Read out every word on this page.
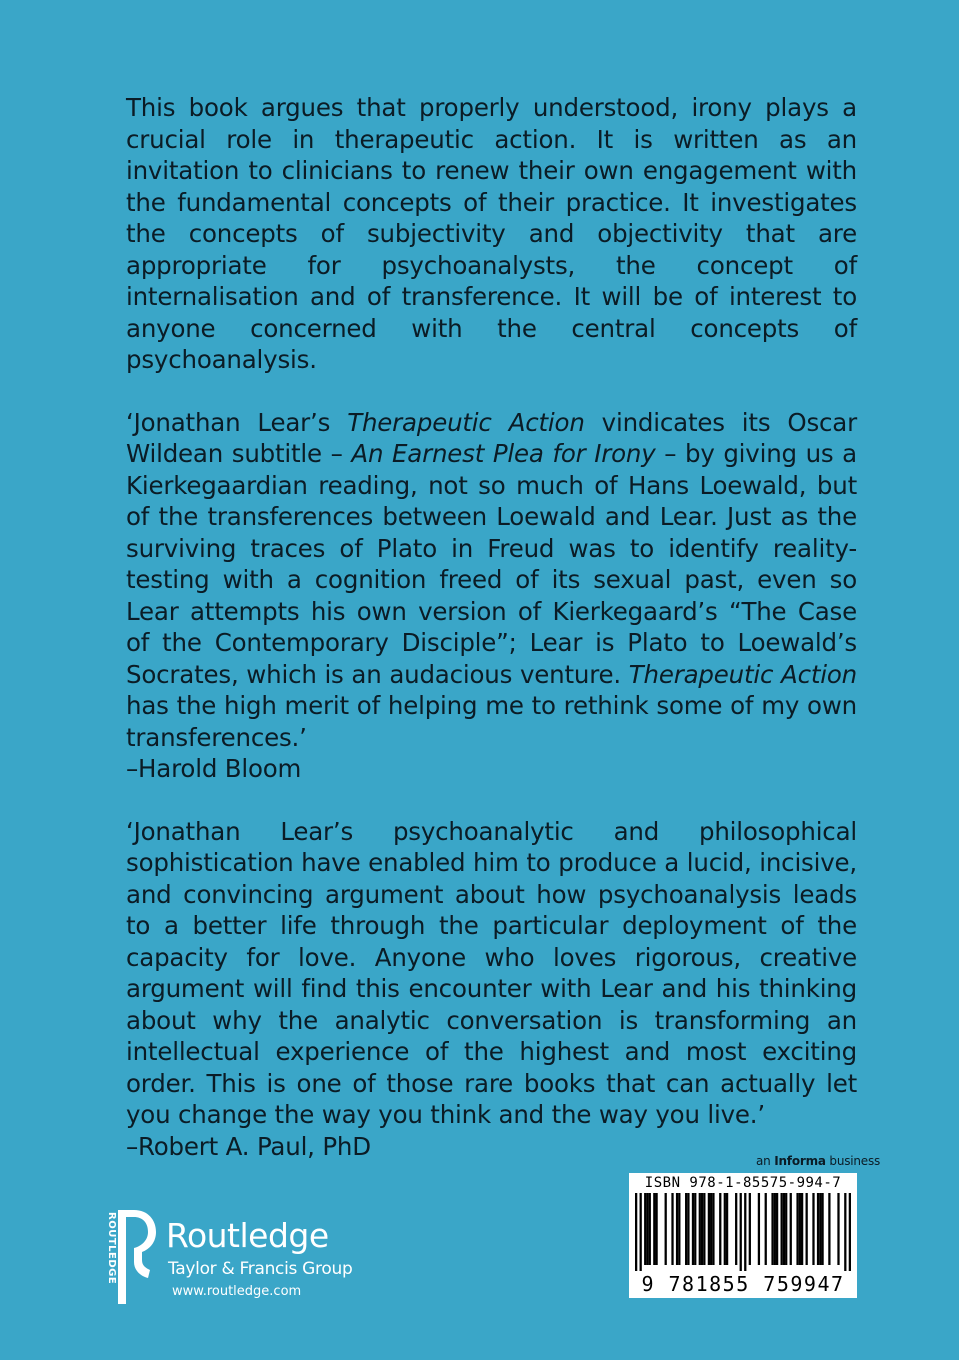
This book argues that properly understood, irony plays a crucial role in therapeutic action. It is written as an invitation to clinicians to renew their own engagement with the fundamental concepts of their practice. It investigates the concepts of subjectivity and objectivity that are appropriate for psychoanalysts, the concept of internalisation and of transference. It will be of interest to anyone concerned with the central concepts of psychoanalysis.

‘Jonathan Lear’s Therapeutic Action vindicates its Oscar Wildean subtitle – An Earnest Plea for Irony – by giving us a Kierkegaardian reading, not so much of Hans Loewald, but of the transferences between Loewald and Lear. Just as the surviving traces of Plato in Freud was to identify reality-testing with a cognition freed of its sexual past, even so Lear attempts his own version of Kierkegaard’s “The Case of the Contemporary Disciple”; Lear is Plato to Loewald’s Socrates, which is an audacious venture. Therapeutic Action has the high merit of helping me to rethink some of my own transferences.’
–Harold Bloom

‘Jonathan Lear’s psychoanalytic and philosophical sophistication have enabled him to produce a lucid, incisive, and convincing argument about how psychoanalysis leads to a better life through the particular deployment of the capacity for love. Anyone who loves rigorous, creative argument will find this encounter with Lear and his thinking about why the analytic conversation is transforming an intellectual experience of the highest and most exciting order. This is one of those rare books that can actually let you change the way you think and the way you live.’
–Robert A. Paul, PhD

an Informa business
ISBN 978-1-85575-994-7
9 781855 759947
ROUTLEDGE Routledge
Taylor & Francis Group
www.routledge.com
